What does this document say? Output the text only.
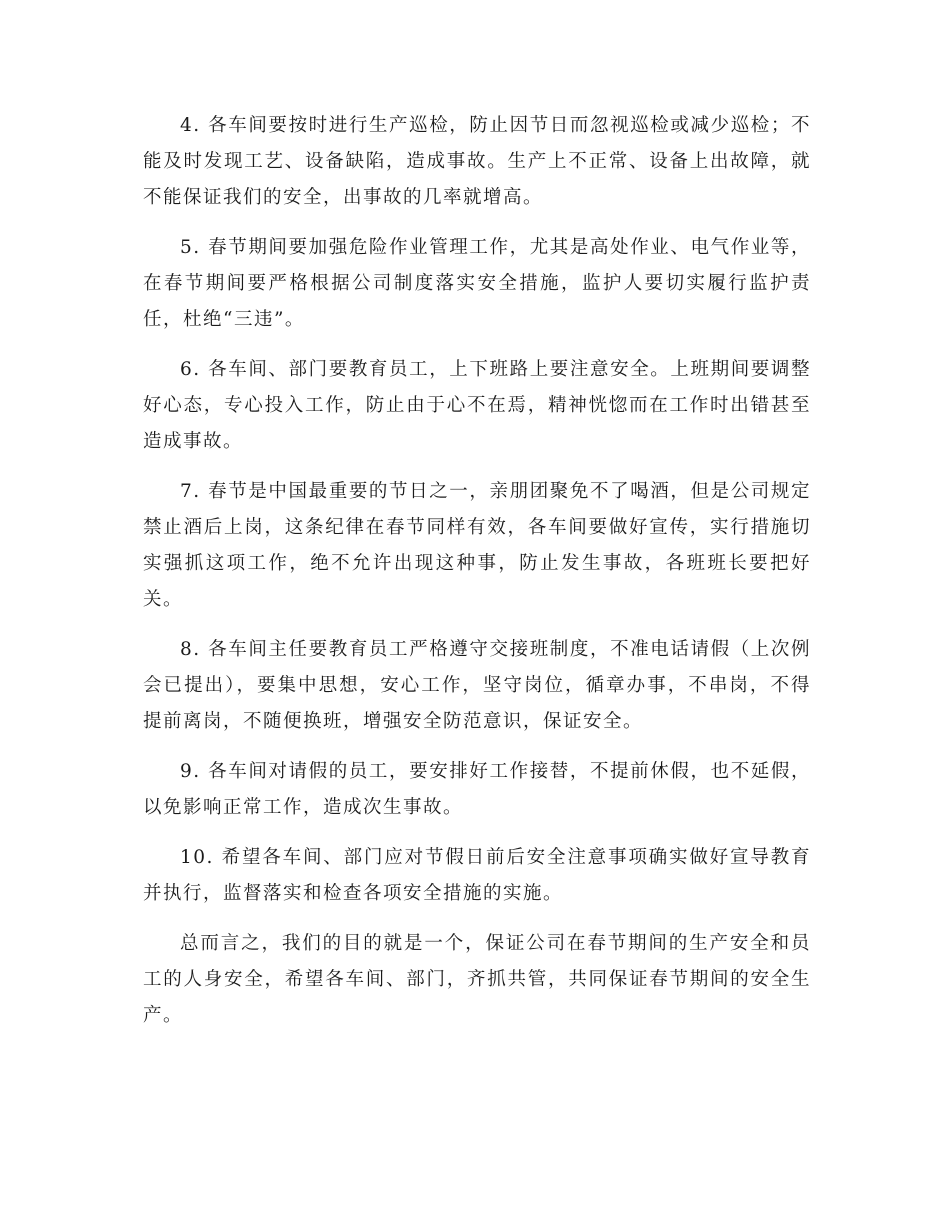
4. 各车间要按时进行生产巡检，防止因节日而忽视巡检或减少巡检；不能及时发现工艺、设备缺陷，造成事故。生产上不正常、设备上出故障，就不能保证我们的安全，出事故的几率就增高。

5. 春节期间要加强危险作业管理工作，尤其是高处作业、电气作业等，在春节期间要严格根据公司制度落实安全措施，监护人要切实履行监护责任，杜绝“三违”。

6. 各车间、部门要教育员工，上下班路上要注意安全。上班期间要调整好心态，专心投入工作，防止由于心不在焉，精神恍惚而在工作时出错甚至造成事故。

7. 春节是中国最重要的节日之一，亲朋团聚免不了喝酒，但是公司规定禁止酒后上岗，这条纪律在春节同样有效，各车间要做好宣传，实行措施切实强抓这项工作，绝不允许出现这种事，防止发生事故，各班班长要把好关。

8. 各车间主任要教育员工严格遵守交接班制度，不准电话请假（上次例会已提出），要集中思想，安心工作，坚守岗位，循章办事，不串岗，不得提前离岗，不随便换班，增强安全防范意识，保证安全。

9. 各车间对请假的员工，要安排好工作接替，不提前休假，也不延假，以免影响正常工作，造成次生事故。

10. 希望各车间、部门应对节假日前后安全注意事项确实做好宣导教育并执行，监督落实和检查各项安全措施的实施。

总而言之，我们的目的就是一个，保证公司在春节期间的生产安全和员工的人身安全，希望各车间、部门，齐抓共管，共同保证春节期间的安全生产。
